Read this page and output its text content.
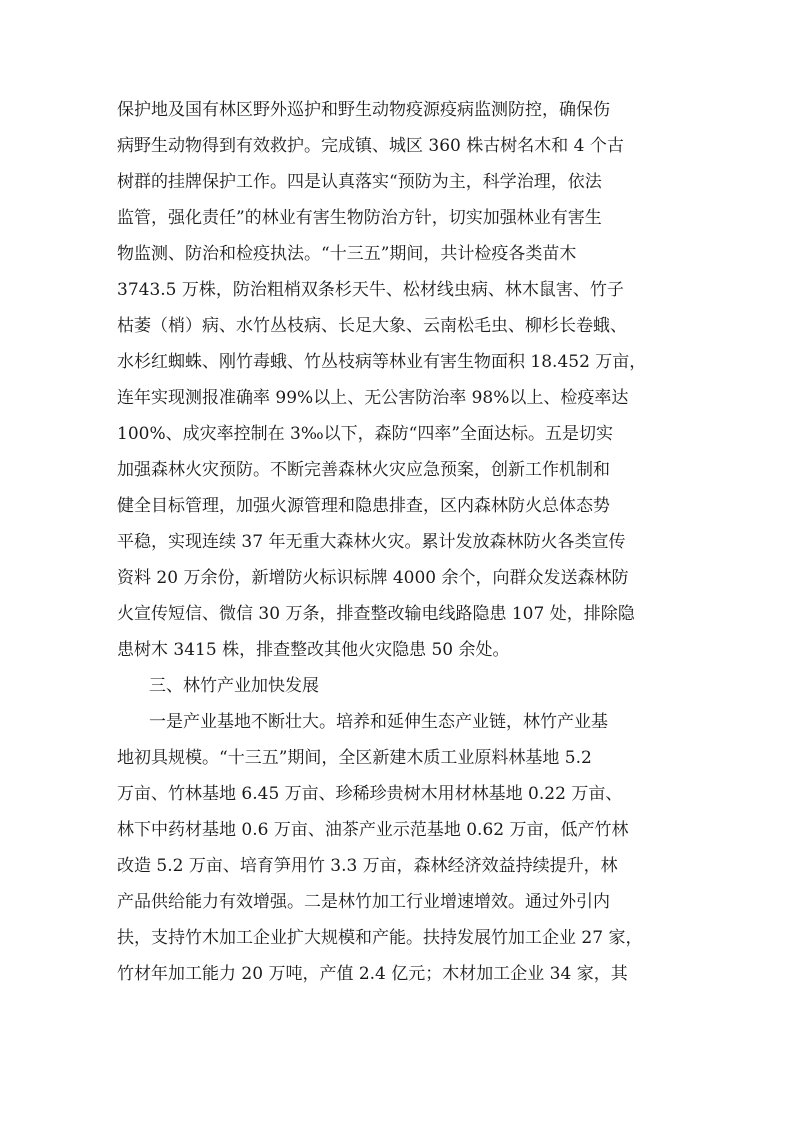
保护地及国有林区野外巡护和野生动物疫源疫病监测防控，确保伤

病野生动物得到有效救护。完成镇、城区 360 株古树名木和 4 个古

树群的挂牌保护工作。四是认真落实“预防为主，科学治理，依法

监管，强化责任”的林业有害生物防治方针，切实加强林业有害生

物监测、防治和检疫执法。“十三五”期间，共计检疫各类苗木

3743.5 万株，防治粗梢双条杉天牛、松材线虫病、林木鼠害、竹子

枯萎（梢）病、水竹丛枝病、长足大象、云南松毛虫、柳杉长卷蛾、

水杉红蜘蛛、刚竹毒蛾、竹丛枝病等林业有害生物面积 18.452 万亩，

连年实现测报准确率 99%以上、无公害防治率 98%以上、检疫率达

100%、成灾率控制在 3‰以下，森防“四率”全面达标。五是切实

加强森林火灾预防。不断完善森林火灾应急预案，创新工作机制和

健全目标管理，加强火源管理和隐患排查，区内森林防火总体态势

平稳，实现连续 37 年无重大森林火灾。累计发放森林防火各类宣传

资料 20 万余份，新增防火标识标牌 4000 余个，向群众发送森林防

火宣传短信、微信 30 万条，排查整改输电线路隐患 107 处，排除隐

患树木 3415 株，排查整改其他火灾隐患 50 余处。

三、林竹产业加快发展

一是产业基地不断壮大。培养和延伸生态产业链，林竹产业基

地初具规模。“十三五”期间，全区新建木质工业原料林基地 5.2

万亩、竹林基地 6.45 万亩、珍稀珍贵树木用材林基地 0.22 万亩、

林下中药材基地 0.6 万亩、油茶产业示范基地 0.62 万亩，低产竹林

改造 5.2 万亩、培育笋用竹 3.3 万亩，森林经济效益持续提升，林

产品供给能力有效增强。二是林竹加工行业增速增效。通过外引内

扶，支持竹木加工企业扩大规模和产能。扶持发展竹加工企业 27 家，

竹材年加工能力 20 万吨，产值 2.4 亿元；木材加工企业 34 家，其
